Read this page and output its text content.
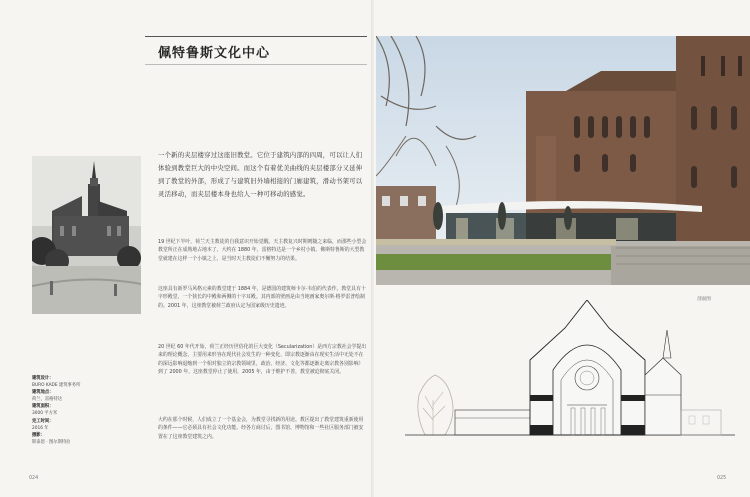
佩特鲁斯文化中心
一个新的夹层楼穿过这座旧教堂。它位于建筑内部的四周，可以让人们体验到教堂巨大的中央空间。而这个有着优美曲线的夹层楼部分又延伸到了教堂的外部，形成了与建筑旧外墙相接的门廊建筑，滑动书架可以灵活移动，而夹层楼本身也给人一种可移动的感觉。
19 世纪下半叶，荷兰天主教徒的自我意识开始觉醒。天主教复兴时期则随之来临，而那些小型会教堂所正在成熟地占地本了，大约在 1880 年，雷格特达是一个乡村小镇，佛斯特鲁斯的大型教堂就建在这样一个小镇之上，是当时天主教徒们不懈努力的结果。
这座具有新罗马风格元素的教堂建于 1884 年，是德国的建筑师卡尔·韦伯的代表作。教堂具有十字形殿堂，一个狭长的中殿和两侧的十字耳殿。其内部的壁画是由当地画家奥尔斯·格罗雷普绘制的。2001 年，这座教堂被荷兰政府认定为国家级历史遗迹。
20 世纪 60 年代开始，荷兰正经历世俗化的巨大变化（Secularization）是西方宗教社会学提出来的理论概念，主要用来形容在现代社会发生的一种变化，即宗教逐渐由在现实生活中无处不在的深远影响退缩到一个相对独立的宗教领域里，政治、经济、文化等都逐渐走离宗教各别影响）到了 2000 年，这座教堂停止了使用，2005 年，由于维护不善，教堂被迫彻底关闭。
大约在那个时候，人们成立了一个基金会，为教堂寻找新的用途。教区提出了教堂建筑重新使用的条件——它必须具有社会文化功能。经各方商讨后，图书馆、博物馆和一些社区服务部门被安置在了这座教堂建筑之内。
建筑设计：
BURO KADE 建筑事务所
建筑地点：
荷兰，雷格特达
建筑面积：
3000 平方米
完工时间：
2016 年
摄影：
斯泰恩 · 图尔斯特拉
024
剖面图
025
